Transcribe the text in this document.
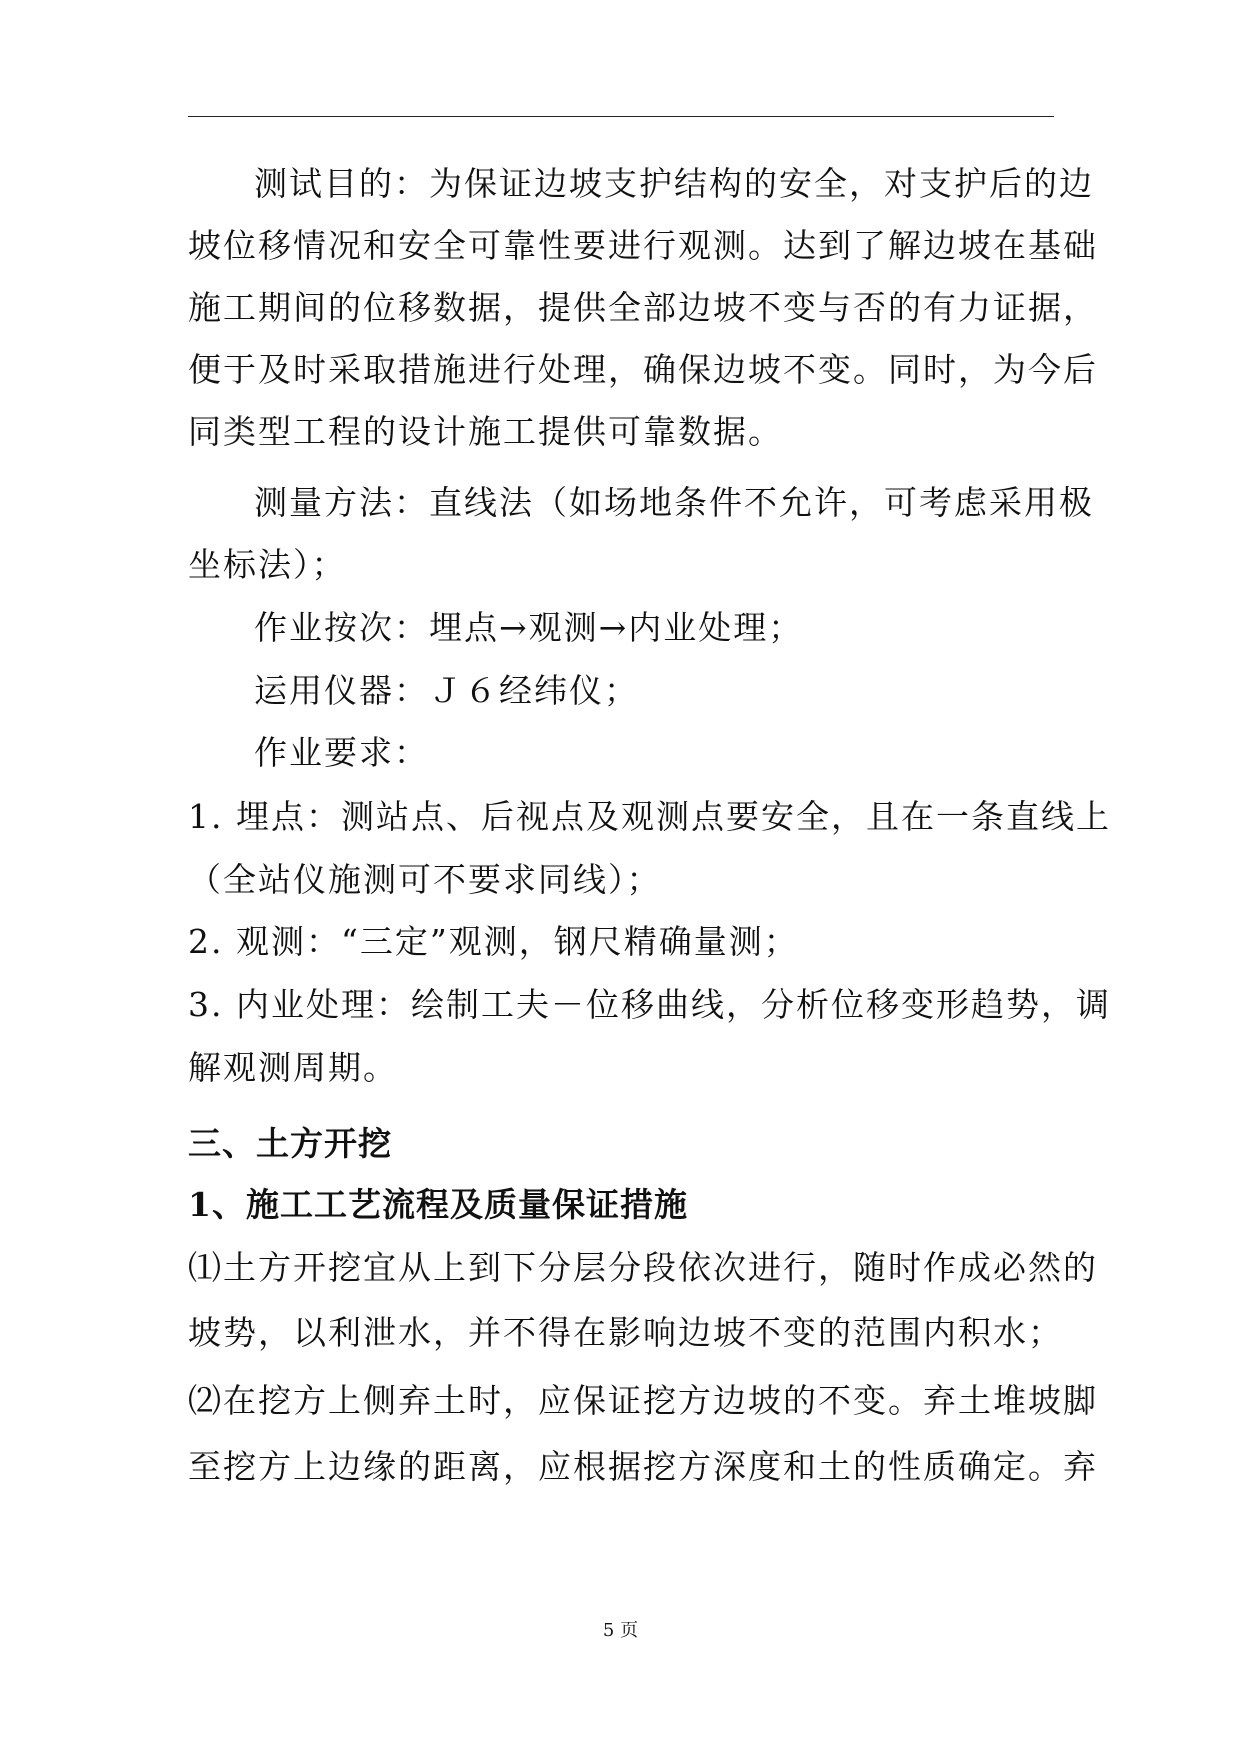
测试目的：为保证边坡支护结构的安全，对支护后的边
坡位移情况和安全可靠性要进行观测。达到了解边坡在基础
施工期间的位移数据，提供全部边坡不变与否的有力证据，
便于及时采取措施进行处理，确保边坡不变。同时，为今后
同类型工程的设计施工提供可靠数据。
测量方法：直线法（如场地条件不允许，可考虑采用极
坐标法）；
作业按次：埋点→观测→内业处理；
运用仪器：Ｊ６经纬仪；
作业要求：
1. 埋点：测站点、后视点及观测点要安全，且在一条直线上
（全站仪施测可不要求同线）；
2. 观测：“三定”观测，钢尺精确量测；
3. 内业处理：绘制工夫－位移曲线，分析位移变形趋势，调
解观测周期。
三、土方开挖
1、施工工艺流程及质量保证措施
⑴土方开挖宜从上到下分层分段依次进行，随时作成必然的
坡势，以利泄水，并不得在影响边坡不变的范围内积水；
⑵在挖方上侧弃土时，应保证挖方边坡的不变。弃土堆坡脚
至挖方上边缘的距离，应根据挖方深度和土的性质确定。弃
5 页
